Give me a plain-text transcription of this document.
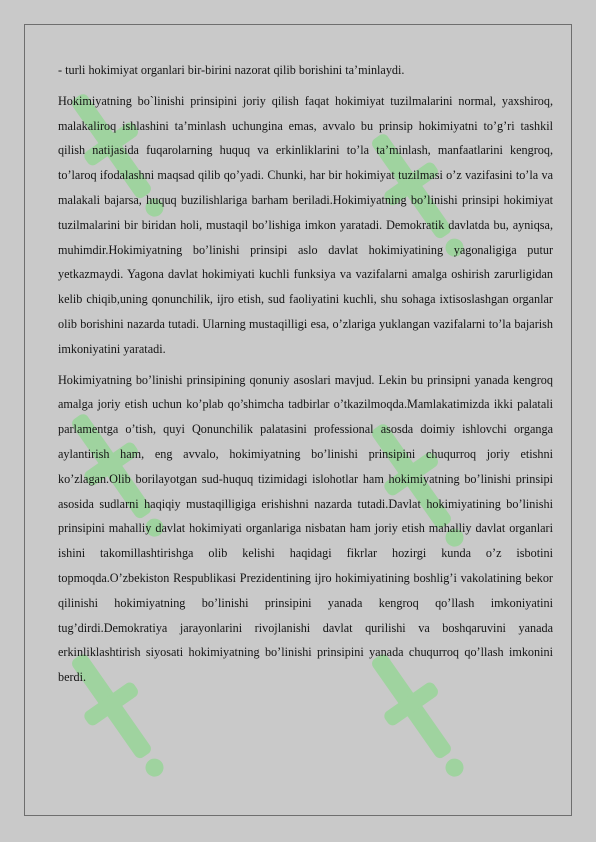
- turli hokimiyat organlari bir-birini nazorat qilib borishini ta’minlaydi.

Hokimiyatning bo`linishi prinsipini joriy qilish faqat hokimiyat tuzilmalarini normal, yaxshiroq, malakaliroq ishlashini ta’minlash uchungina emas, avvalo bu prinsip hokimiyatni to’g’ri tashkil qilish natijasida fuqarolarning huquq va erkinliklarini to’la ta’minlash, manfaatlarini kengroq, to’laroq ifodalashni maqsad qilib qo’yadi. Chunki, har bir hokimiyat tuzilmasi o’z vazifasini to’la va malakali bajarsa, huquq buzilishlariga barham beriladi.Hokimiyatning bo’linishi prinsipi hokimiyat tuzilmalarini bir biridan holi, mustaqil bo’lishiga imkon yaratadi. Demokratik davlatda bu, ayniqsa, muhimdir.Hokimiyatning bo’linishi prinsipi aslo davlat hokimiyatining yagonaligiga putur yetkazmaydi. Yagona davlat hokimiyati kuchli funksiya va vazifalarni amalga oshirish zarurligidan kelib chiqib,uning qonunchilik, ijro etish, sud faoliyatini kuchli, shu sohaga ixtisoslashgan organlar olib borishini nazarda tutadi. Ularning mustaqilligi esa, o’zlariga yuklangan vazifalarni to’la bajarish imkoniyatini yaratadi.

Hokimiyatning bo’linishi prinsipining qonuniy asoslari mavjud. Lekin bu prinsipni yanada kengroq amalga joriy etish uchun ko’plab qo’shimcha tadbirlar o’tkazilmoqda.Mamlakatimizda ikki palatali parlamentga o’tish, quyi Qonunchilik palatasini professional asosda doimiy ishlovchi organga aylantirish ham, eng avvalo, hokimiyatning bo’linishi prinsipini chuqurroq joriy etishni ko’zlagan.Olib borilayotgan sud-huquq tizimidagi islohotlar ham hokimiyatning bo’linishi prinsipi asosida sudlarni haqiqiy mustaqilligiga erishishni nazarda tutadi.Davlat hokimiyatining bo’linishi prinsipini mahalliy davlat hokimiyati organlariga nisbatan ham joriy etish mahalliy davlat organlari ishini takomillashtirishga olib kelishi haqidagi fikrlar hozirgi kunda o’z isbotini topmoqda.O’zbekiston Respublikasi Prezidentining ijro hokimiyatining boshlig’i vakolatining bekor qilinishi hokimiyatning bo’linishi prinsipini yanada kengroq qo’llash imkoniyatini tug’dirdi.Demokratiya jarayonlarini rivojlanishi davlat qurilishi va boshqaruvini yanada erkinliklashtirish siyosati hokimiyatning bo’linishi prinsipini yanada chuqurroq qo’llash imkonini berdi.
